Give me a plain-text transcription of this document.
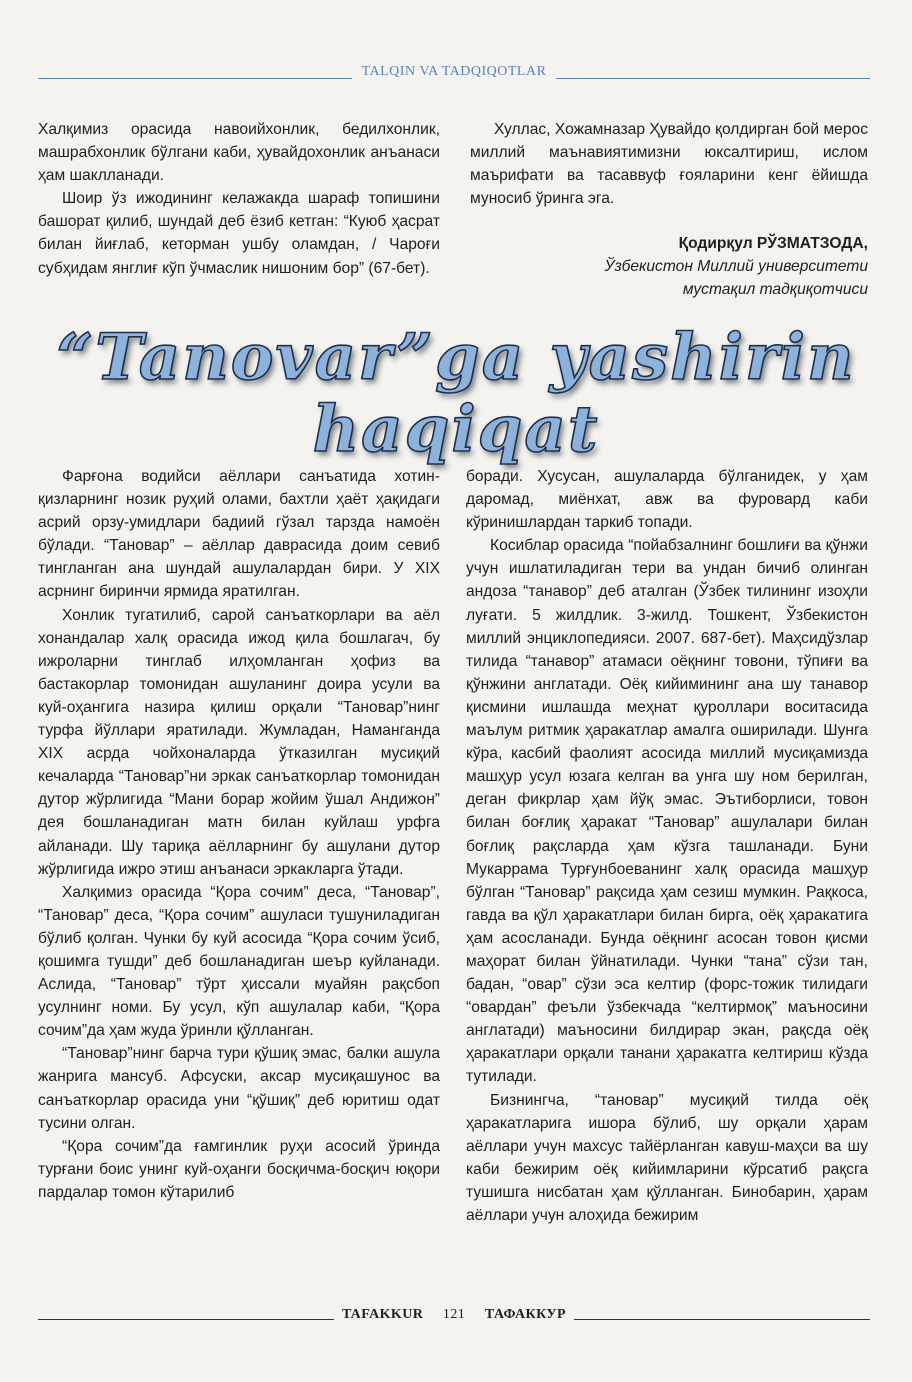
TALQIN VA TADQIQOTLAR

Халқимиз орасида навоийхонлик, бедилхонлик, машрабхонлик бўлгани каби, ҳувайдохонлик анъанаси ҳам шаклланади.

Шоир ўз ижодининг келажакда шараф топишини башорат қилиб, шундай деб ёзиб кетган: “Куюб ҳасрат билан йиғлаб, кеторман ушбу оламдан, / Чароғи субҳидам янглиғ кўп ўчмаслик нишоним бор” (67-бет).

Хуллас, Хожамназар Ҳувайдо қолдирган бой мерос миллий маънавиятимизни юксалтириш, ислом маърифати ва тасаввуф ғояларини кенг ёйишда муносиб ўринга эга.

Қодирқул РЎЗМАТЗОДА,
Ўзбекистон Миллий университети
мустақил тадқиқотчиси
“Tanovar”ga yashirin
haqiqat

Фарғона водийси аёллари санъатида хотин-қизларнинг нозик руҳий олами, бахтли ҳаёт ҳақидаги асрий орзу-умидлари бадиий гўзал тарзда намоён бўлади. “Тановар” – аёллар даврасида доим севиб тингланган ана шундай ашулалардан бири. У XIX асрнинг биринчи ярмида яратилган.

Хонлик тугатилиб, сарой санъаткорлари ва аёл хонандалар халқ орасида ижод қила бошлагач, бу ижроларни тинглаб илҳомланган ҳофиз ва бастакорлар томонидан ашуланинг доира усули ва куй-оҳангига назира қилиш орқали “Тановар”нинг турфа йўллари яратилади. Жумладан, Наманганда XIX асрда чойхоналарда ўтказилган мусиқий кечаларда “Тановар”ни эркак санъаткорлар томонидан дутор жўрлигида “Мани борар жойим ўшал Андижон” дея бошланадиган матн билан куйлаш урфга айланади. Шу тариқа аёлларнинг бу ашулани дутор жўрлигида ижро этиш анъанаси эркакларга ўтади.

Халқимиз орасида “Қора сочим” деса, “Тановар”, “Тановар” деса, “Қора сочим” ашуласи тушуниладиган бўлиб қолган. Чунки бу куй асосида “Қора сочим ўсиб, қошимга тушди” деб бошланадиган шеър куйланади. Аслида, “Тановар” тўрт ҳиссали муайян рақсбоп усулнинг номи. Бу усул, кўп ашулалар каби, “Қора сочим”да ҳам жуда ўринли қўлланган.

“Тановар”нинг барча тури қўшиқ эмас, балки ашула жанрига мансуб. Афсуски, аксар мусиқашунос ва санъаткорлар орасида уни “қўшиқ” деб юритиш одат тусини олган.

“Қора сочим”да ғамгинлик руҳи асосий ўринда турғани боис унинг куй-оҳанги босқичма-босқич юқори пардалар томон кўтарилиб

боради. Хусусан, ашулаларда бўлганидек, у ҳам даромад, миёнхат, авж ва фуровард каби кўринишлардан таркиб топади.

Косиблар орасида “пойабзалнинг бошлиғи ва қўнжи учун ишлатиладиган тери ва ундан бичиб олинган андоза “танавор” деб аталган (Ўзбек тилининг изоҳли луғати. 5 жилдлик. 3-жилд. Тошкент, Ўзбекистон миллий энциклопедияси. 2007. 687-бет). Маҳсидўзлар тилида “танавор” атамаси оёқнинг товони, тўпиғи ва қўнжини англатади. Оёқ кийимининг ана шу танавор қисмини ишлашда меҳнат қуроллари воситасида маълум ритмик ҳаракатлар амалга оширилади. Шунга кўра, касбий фаолият асосида миллий мусиқамизда машҳур усул юзага келган ва унга шу ном берилган, деган фикрлар ҳам йўқ эмас. Эътиборлиси, товон билан боғлиқ ҳаракат “Тановар” ашулалари билан боғлиқ рақсларда ҳам кўзга ташланади. Буни Мукаррама Турғунбоеванинг халқ орасида машҳур бўлган “Тановар” рақсида ҳам сезиш мумкин. Рақкоса, гавда ва қўл ҳаракатлари билан бирга, оёқ ҳаракатига ҳам асосланади. Бунда оёқнинг асосан товон қисми маҳорат билан ўйнатилади. Чунки “тана” сўзи тан, бадан, “овар” сўзи эса келтир (форс-тожик тилидаги “овардан” феъли ўзбекчада “келтирмоқ” маъносини англатади) маъносини билдирар экан, рақсда оёқ ҳаракатлари орқали танани ҳаракатга келтириш кўзда тутилади.

Бизнингча, “тановар” мусиқий тилда оёқ ҳаракатларига ишора бўлиб, шу орқали ҳарам аёллари учун махсус тайёрланган кавуш-маҳси ва шу каби бежирим оёқ кийимларини кўрсатиб рақсга тушишга нисбатан ҳам қўлланган. Бинобарин, ҳарам аёллари учун алоҳида бежирим

TAFAKKUR 121 ТАФАККУР
